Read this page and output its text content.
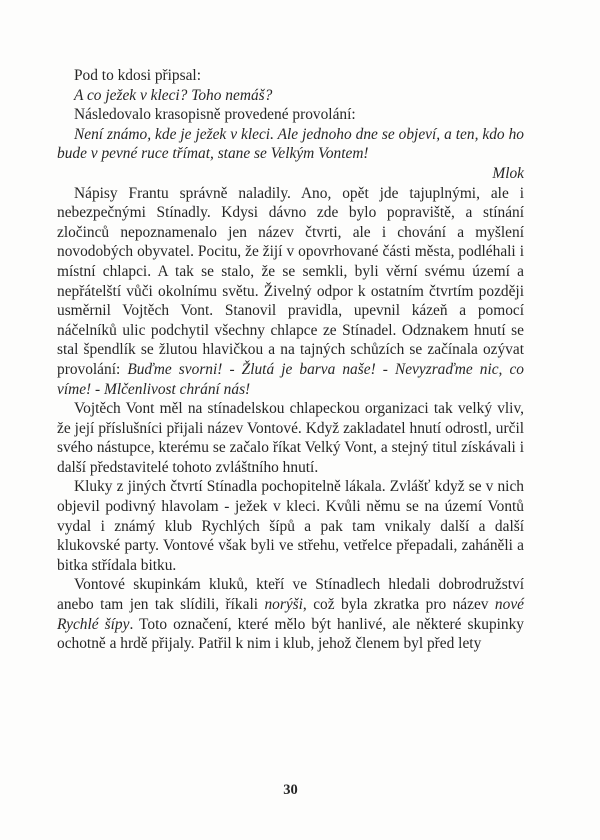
Pod to kdosi připsal:

A co ježek v kleci? Toho nemáš?

Následovalo krasopisně provedené provolání:

Není známo, kde je ježek v kleci. Ale jednoho dne se objeví, a ten, kdo ho bude v pevné ruce třímat, stane se Velkým Vontem!

Mlok

Nápisy Frantu správně naladily. Ano, opět jde tajuplnými, ale i nebezpečnými Stínadly. Kdysi dávno zde bylo popraviště, a stínání zločinců nepoznamenalo jen název čtvrti, ale i chování a myšlení novodobých obyvatel. Pocitu, že žijí v opovrhované části města, podléhali i místní chlapci. A tak se stalo, že se semkli, byli věrní svému území a nepřátelští vůči okolnímu světu. Živelný odpor k ostatním čtvrtím později usměrnil Vojtěch Vont. Stanovil pravidla, upevnil kázeň a pomocí náčelníků ulic podchytil všechny chlapce ze Stínadel. Odznakem hnutí se stal špendlík se žlutou hlavičkou a na tajných schůzích se začínala ozývat provolání: Buďme svorni! - Žlutá je barva naše! - Nevyzraďme nic, co víme! - Mlčenlivost chrání nás!

Vojtěch Vont měl na stínadelskou chlapeckou organizaci tak velký vliv, že její příslušníci přijali název Vontové. Když zakladatel hnutí odrostl, určil svého nástupce, kterému se začalo říkat Velký Vont, a stejný titul získávali i další představitelé tohoto zvláštního hnutí.

Kluky z jiných čtvrtí Stínadla pochopitelně lákala. Zvlášť když se v nich objevil podivný hlavolam - ježek v kleci. Kvůli němu se na území Vontů vydal i známý klub Rychlých šípů a pak tam vnikaly další a další klukovské party. Vontové však byli ve střehu, vetřelce přepadali, zaháněli a bitka střídala bitku.

Vontové skupinkám kluků, kteří ve Stínadlech hledali dobrodružství anebo tam jen tak slídili, říkali norýši, což byla zkratka pro název nové Rychlé šípy. Toto označení, které mělo být hanlivé, ale některé skupinky ochotně a hrdě přijaly. Patřil k nim i klub, jehož členem byl před lety

30
